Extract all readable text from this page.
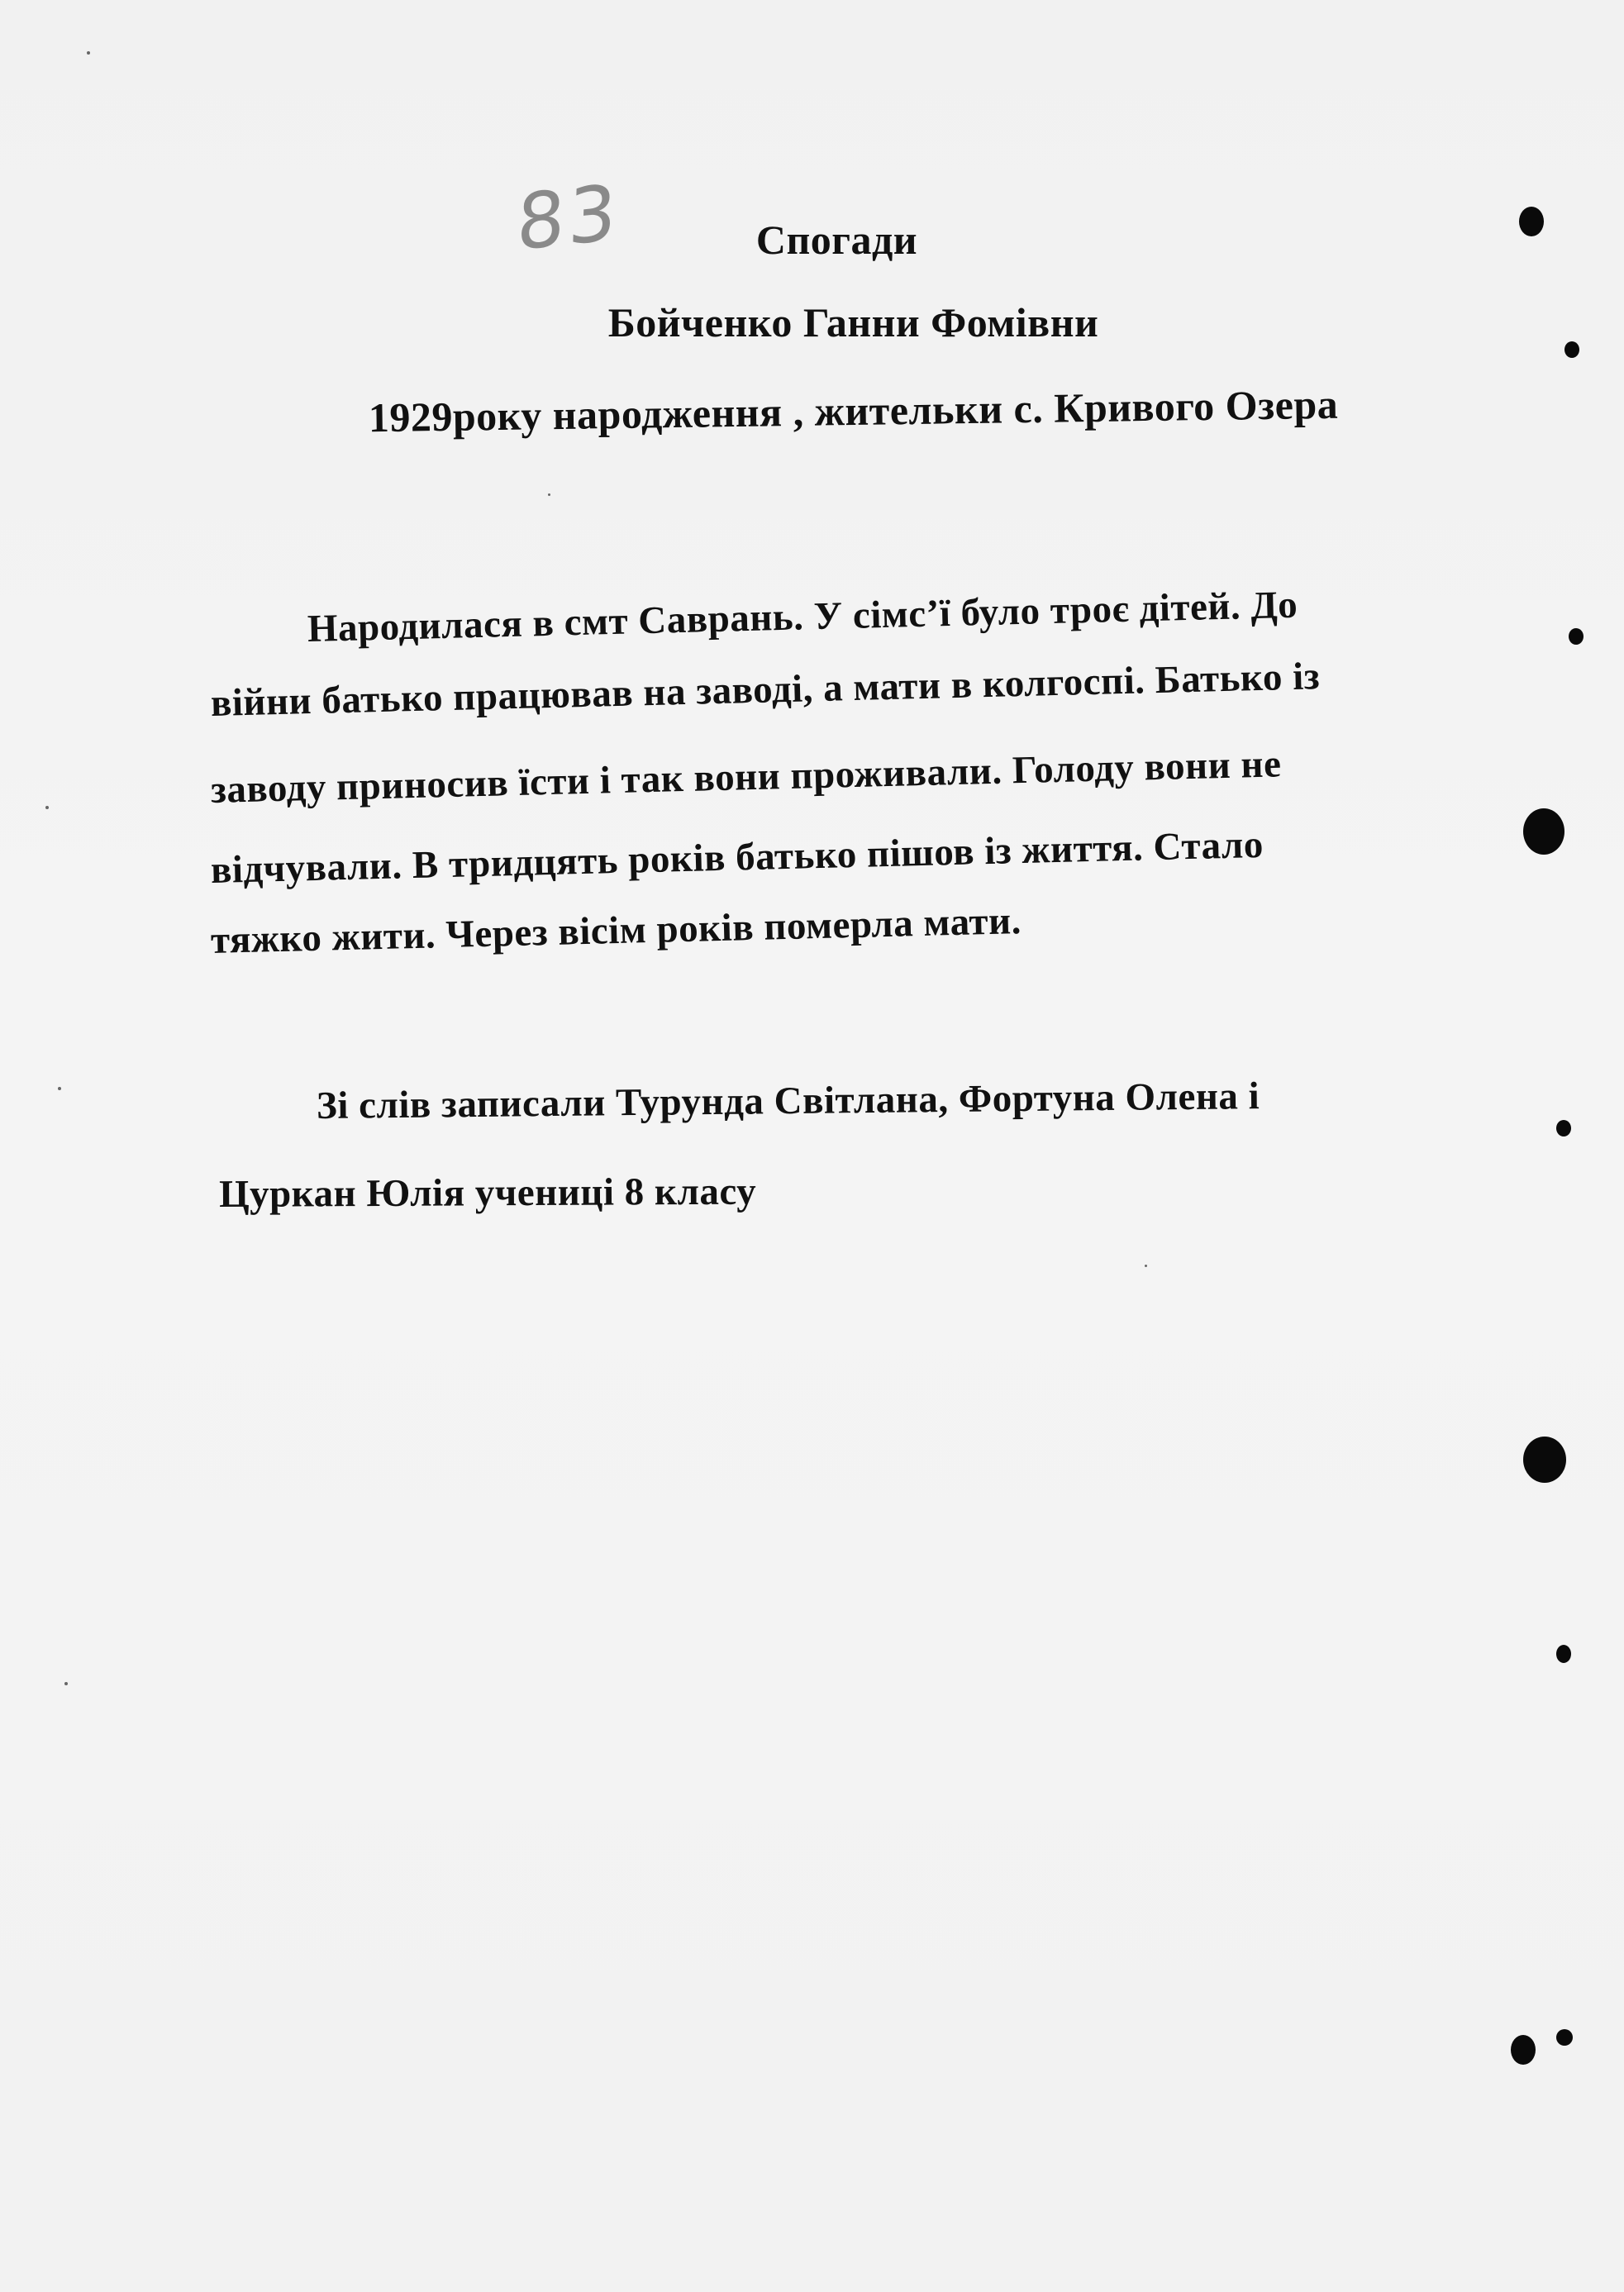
83	Спогади
Бойченко Ганни Фомівни
1929року народження , жительки с. Кривого Озера
Народилася в смт Саврань. У сімс’ї було троє дітей. До
війни батько працював на заводі, а мати в колгоспі. Батько із
заводу приносив їсти і так вони проживали. Голоду вони не
відчували. В тридцять років батько пішов із життя. Стало
тяжко жити. Через вісім років померла мати.
Зі слів записали Турунда Світлана, Фортуна Олена і
Цуркан Юлія учениці 8 класу
